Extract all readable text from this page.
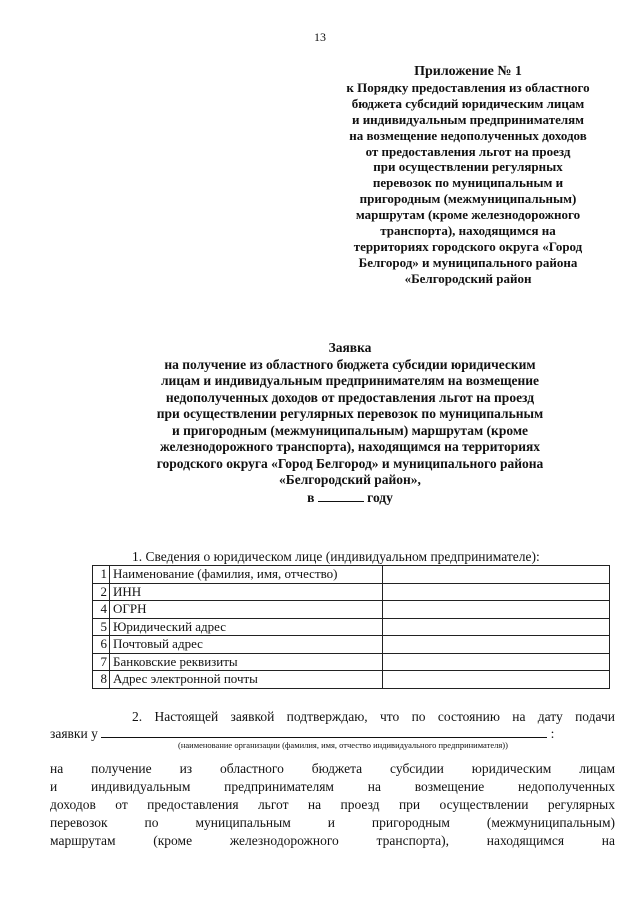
13
Приложение № 1
к Порядку предоставления из областного
бюджета субсидий юридическим лицам
и индивидуальным предпринимателям
на возмещение недополученных доходов
от предоставления льгот на проезд
при осуществлении регулярных
перевозок по муниципальным и
пригородным (межмуниципальным)
маршрутам (кроме железнодорожного
транспорта), находящимся на
территориях городского округа «Город
Белгород» и муниципального района
«Белгородский район
Заявка
на получение из областного бюджета субсидии юридическим
лицам и индивидуальным предпринимателям на возмещение
недополученных доходов от предоставления льгот на проезд
при осуществлении регулярных перевозок по муниципальным
и пригородным (межмуниципальным) маршрутам (кроме
железнодорожного транспорта), находящимся на территориях
городского округа «Город Белгород» и муниципального района
«Белгородский район»,
в	году
1. Сведения о юридическом лице (индивидуальном предпринимателе):
1	Наименование (фамилия, имя, отчество)	
2	ИНН	
4	ОГРН	
5	Юридический адрес	
6	Почтовый адрес	
7	Банковские реквизиты	
8	Адрес электронной почты	
2. Настоящей заявкой подтверждаю, что по состоянию на дату подачи
заявки у	:
(наименование организации (фамилия, имя, отчество индивидуального предпринимателя))
на получение из областного бюджета субсидии юридическим лицам
и индивидуальным предпринимателям на возмещение недополученных
доходов от предоставления льгот на проезд при осуществлении регулярных
перевозок по муниципальным и пригородным (межмуниципальным)
маршрутам (кроме железнодорожного транспорта), находящимся на
